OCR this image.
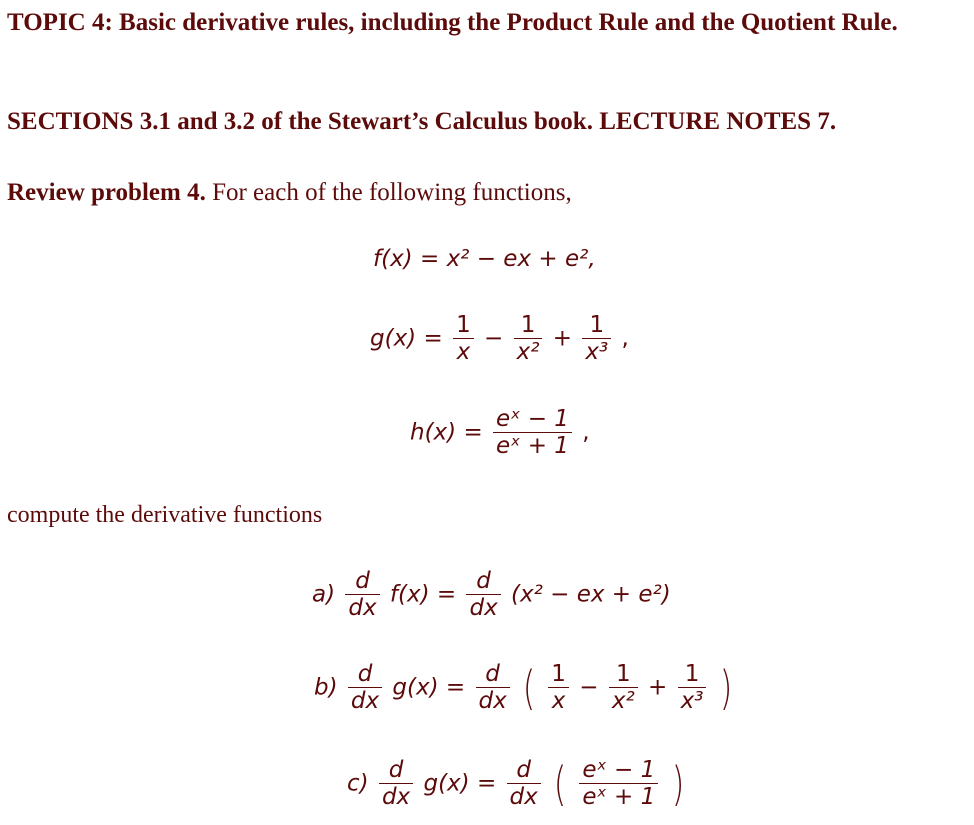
TOPIC 4: Basic derivative rules, including the Product Rule and the Quotient Rule.
SECTIONS 3.1 and 3.2 of the Stewart’s Calculus book. LECTURE NOTES 7.
Review problem 4. For each of the following functions,
f(x) = x² − ex + e²,
$g(x) = \frac{1}{x} - \frac{1}{\text{x²}} + \frac{1}{\text{x³}}$ ,
$h(x) = \frac{\text{eˣ − 1}}{\text{eˣ + 1}}$ ,
compute the derivative functions
$a) \frac{d}{dx} f(x) = \frac{d}{dx} (x^2$ − ex + e²)
$b) \frac{d}{dx} g(x) = \frac{d}{dx}$ ( $\frac{1}{x} - \frac{1}{\text{x²}} + \frac{1}{\text{x³}}$ )
$c) \frac{d}{dx} g(x) = \frac{d}{dx}$ ( $\frac{\text{eˣ − 1}}{\text{eˣ + 1}}$ )
